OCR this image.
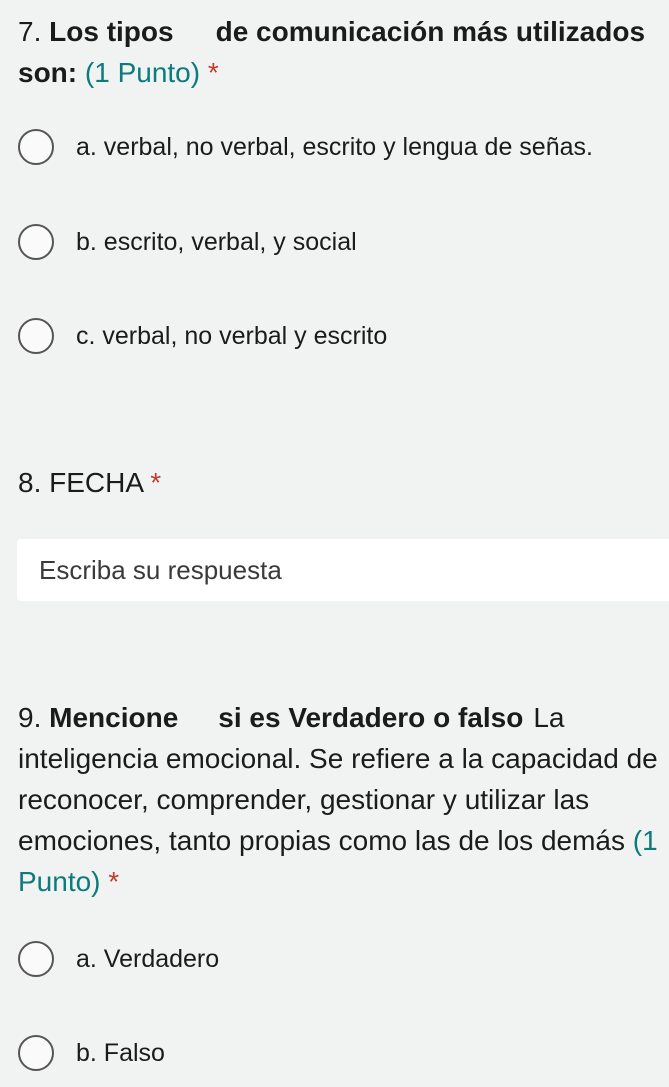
7. Los tipos de comunicación más utilizados son: (1 Punto) *
a. verbal, no verbal, escrito y lengua de señas.
b. escrito, verbal, y social
c. verbal, no verbal y escrito
8. FECHA *
Escriba su respuesta
9. Mencione si es Verdadero o falso La inteligencia emocional. Se refiere a la capacidad de reconocer, comprender, gestionar y utilizar las emociones, tanto propias como las de los demás (1 Punto) *
a. Verdadero
b. Falso
